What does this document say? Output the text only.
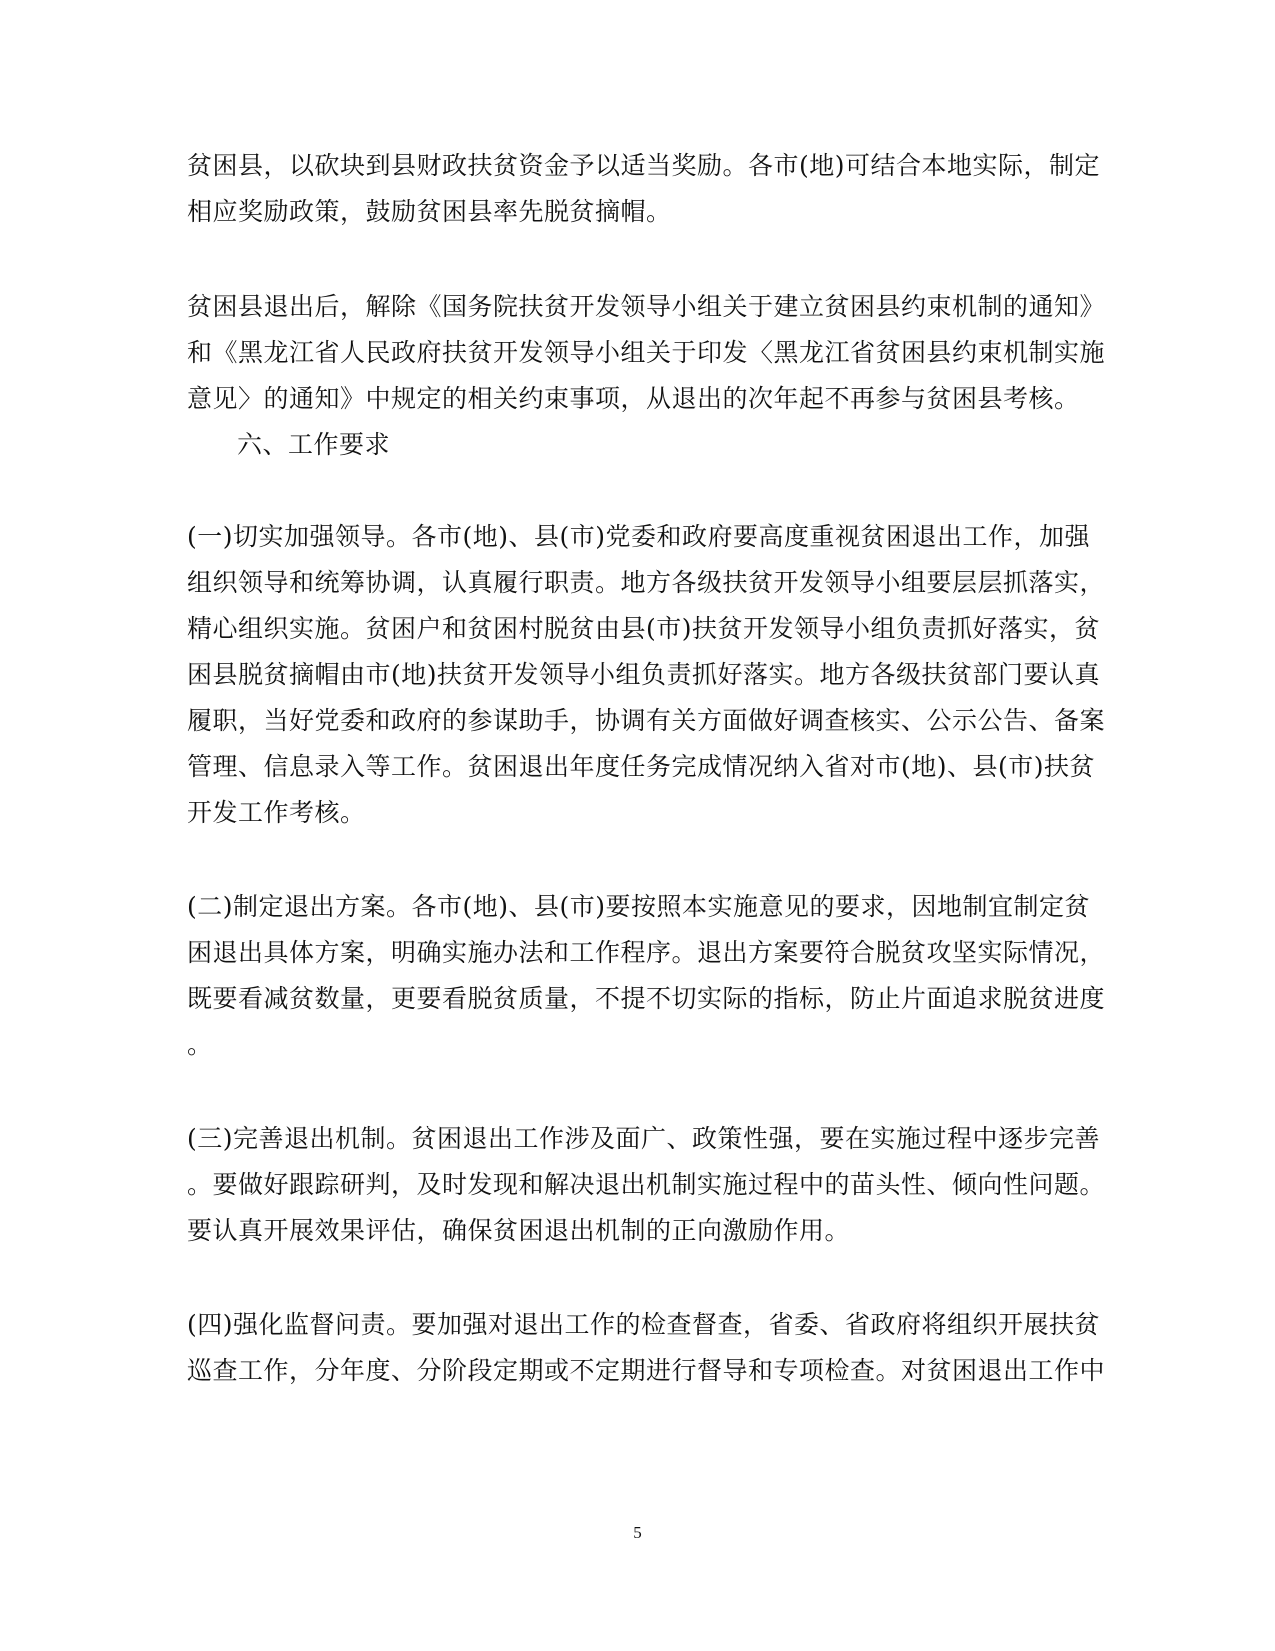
贫困县，以砍块到县财政扶贫资金予以适当奖励。各市(地)可结合本地实际，制定
相应奖励政策，鼓励贫困县率先脱贫摘帽。
贫困县退出后，解除《国务院扶贫开发领导小组关于建立贫困县约束机制的通知》
和《黑龙江省人民政府扶贫开发领导小组关于印发〈黑龙江省贫困县约束机制实施
意见〉的通知》中规定的相关约束事项，从退出的次年起不再参与贫困县考核。
六、工作要求
(一)切实加强领导。各市(地)、县(市)党委和政府要高度重视贫困退出工作，加强
组织领导和统筹协调，认真履行职责。地方各级扶贫开发领导小组要层层抓落实，
精心组织实施。贫困户和贫困村脱贫由县(市)扶贫开发领导小组负责抓好落实，贫
困县脱贫摘帽由市(地)扶贫开发领导小组负责抓好落实。地方各级扶贫部门要认真
履职，当好党委和政府的参谋助手，协调有关方面做好调查核实、公示公告、备案
管理、信息录入等工作。贫困退出年度任务完成情况纳入省对市(地)、县(市)扶贫
开发工作考核。
(二)制定退出方案。各市(地)、县(市)要按照本实施意见的要求，因地制宜制定贫
困退出具体方案，明确实施办法和工作程序。退出方案要符合脱贫攻坚实际情况，
既要看减贫数量，更要看脱贫质量，不提不切实际的指标，防止片面追求脱贫进度
。
(三)完善退出机制。贫困退出工作涉及面广、政策性强，要在实施过程中逐步完善
。要做好跟踪研判，及时发现和解决退出机制实施过程中的苗头性、倾向性问题。
要认真开展效果评估，确保贫困退出机制的正向激励作用。
(四)强化监督问责。要加强对退出工作的检查督查，省委、省政府将组织开展扶贫
巡查工作，分年度、分阶段定期或不定期进行督导和专项检查。对贫困退出工作中
5
